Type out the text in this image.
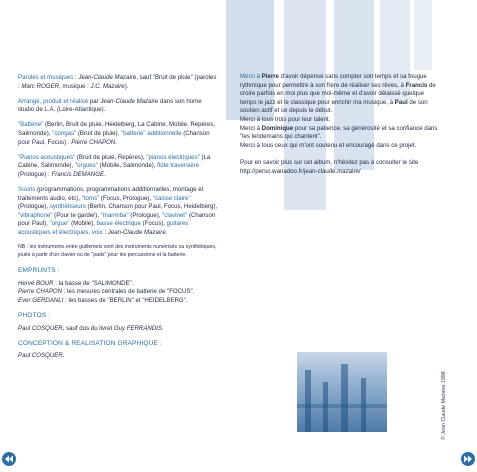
Paroles et musiques : Jean-Claude Mazaire, sauf "Bruit de pluie" (paroles : Marc ROGER, musique : J.C. Mazaire).

Arrangé, produit et réalisé par Jean-Claude Mazaire dans son home studio de L.A. (Loire-Atlantique).

"Batterie" (Berlin, Bruit de pluie, Heidelberg, La Cabine, Mobile, Repères, Salimonde), "congas" (Bruit de pluie), "batterie" additionnelle (Chanson pour Paul, Focus) : Pierre CHAPON.

"Pianos acoustiques" (Bruit de pluie, Repères), "pianos électriques" (La Cabine, Salimonde), "orgues" (Mobile, Salimonde), flûte traversière (Prologue) : Francis DEMANGE.

Souris (programmations, programmations additionnelles, montage et traitements audio, etc), "toms" (Focus, Prologue), "caisse claire" (Prologue), synthétiseurs (Berlin, Chanson pour Paul, Focus, Heidelberg), "vibraphone" (Pour te garder), "marimba" (Prologue), "clavinet" (Chanson pour Paul), "orgue" (Mobile), basse électrique (Focus), guitares acoustiques et électriques, voix : Jean-Claude Mazaire.

NB : les instruments entre guillemets sont des instruments numérisés ou synthétiques, joués à partir d'un clavier ou de "pads" pour les percussions et la batterie.

EMPRUNTS :

Hervé BOUR : la basse de "SALIMONDE".
Pierre CHAPON : les mesures centrales de batterie de "FOCUS".
Ever GERDANLI : les basses de "BERLIN" et "HEIDELBERG".

PHOTOS :

Paul COSQUER, sauf dos du livret Guy FERRANDIS.

CONCEPTION & REALISATION GRAPHIQUE :

Paul COSQUER.

Merci à Pierre d'avoir dépensé sans compter son temps et sa fougue rythmique pour permettre à son frère de réaliser ses rêves, à Francis de croire parfois en moi plus que moi-même et d'avoir délaissé quelque temps le jazz et le classique pour enrichir ma musique, à Paul de son soutien actif et ce depuis le début.
Merci à tous trois pour leur talent.
Merci à Dominique pour sa patience, sa générosité et sa confiance dans "les lendemains qui chantent".
Merci à tous ceux qui m'ont soutenu et encouragé dans ce projet.

Pour en savoir plus sur cet album, n'hésitez pas à consulter le site http://perso.wanadoo.fr/jean-claude.mazaire/

© Jean Claude Mazaire 1998
